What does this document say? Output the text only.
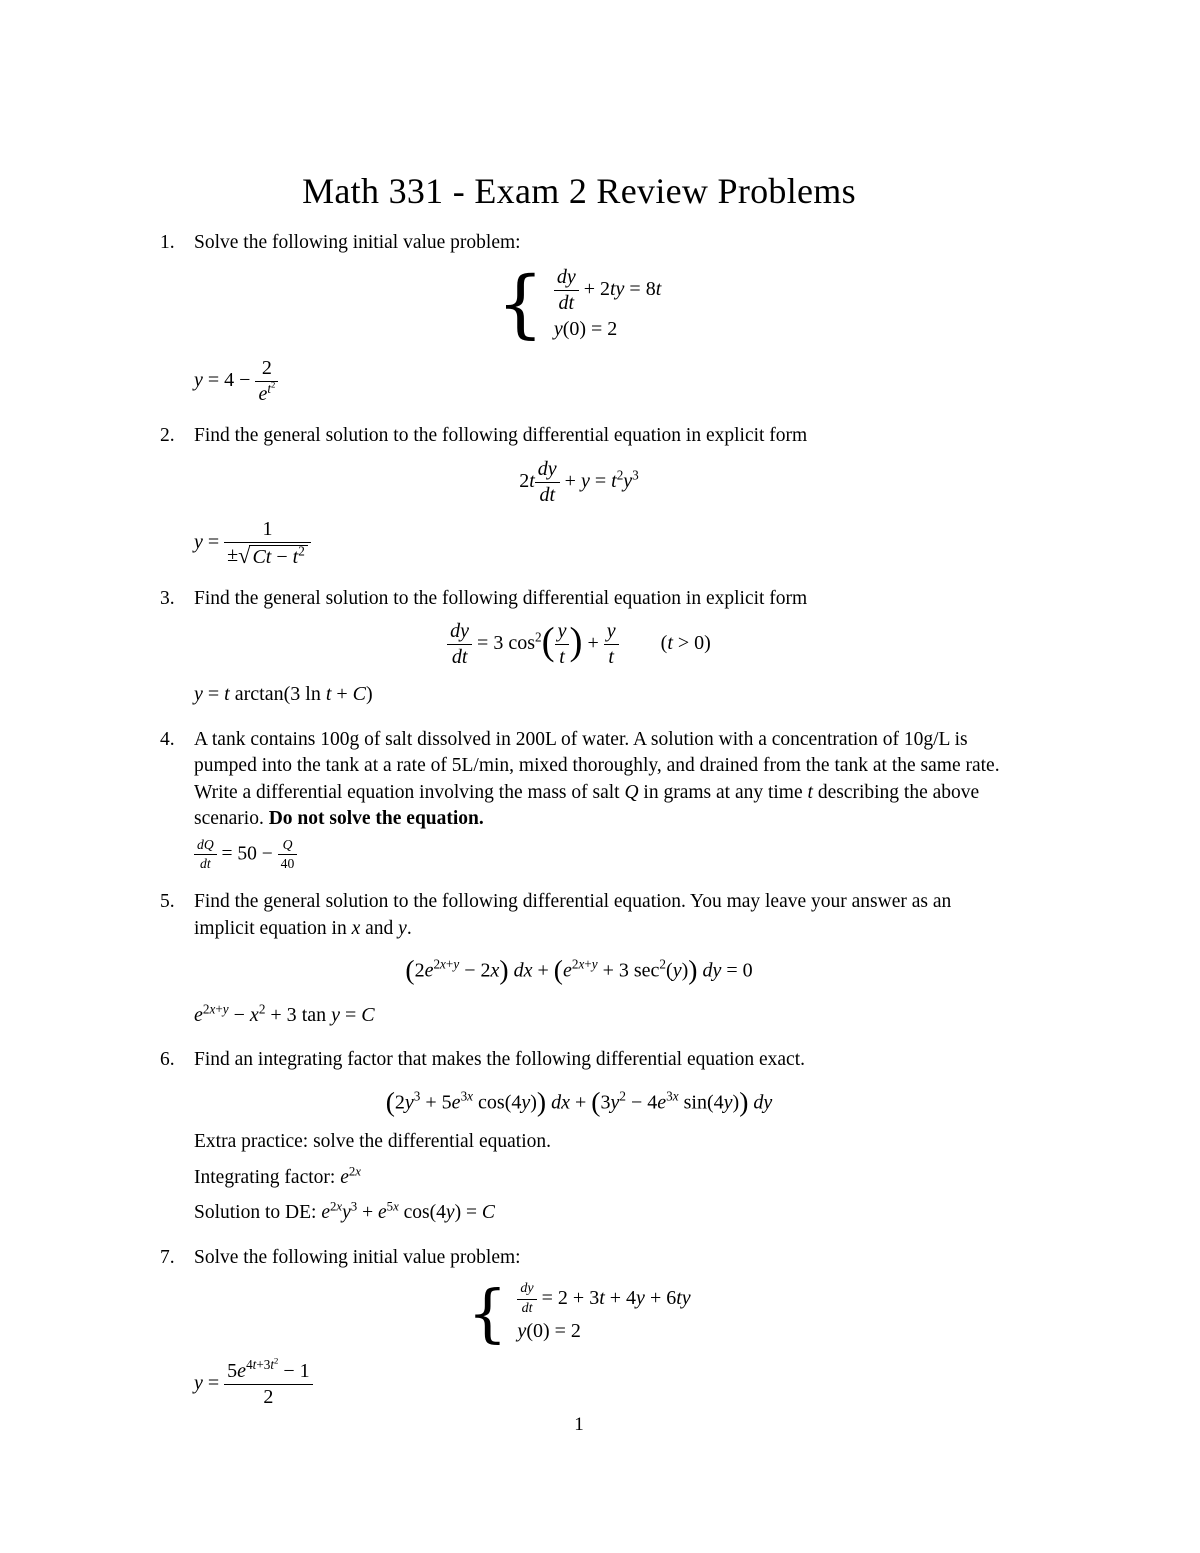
Math 331 - Exam 2 Review Problems
1. Solve the following initial value problem:
{ $\frac{dy}{dt} + 2ty = 8t$
y(0) = 2
$y = 4 - \frac{2}{e^{t^2}}$
2. Find the general solution to the following differential equation in explicit form
$2t \frac{dy}{dt} + y = t^2y^3$
$y = \frac{1}{\pm √ Ct - t^2}$
3. Find the general solution to the following differential equation in explicit form
$\frac{dy}{dt} = 3$ $\cos^2( \frac{y}{t}$ ) + $\frac{y}{t} (t > 0)$
y = t arctan(3 ln t + C)
4. A tank contains 100g of salt dissolved in 200L of water. A solution with a concentration of 10g/L is pumped into the tank at a rate of 5L/min, mixed thoroughly, and drained from the tank at the same rate.
Write a differential equation involving the mass of salt Q in grams at any time t describing the above scenario. Do not solve the equation.
$\frac{dQ}{dt} = 50 - \frac{Q}{40}$
5. Find the general solution to the following differential equation. You may leave your answer as an implicit equation in x and y.
$(2e^{2x+y} - 2x)$ dx + ($e^{2x+y} + 3$ $\sec^2(y)$) dy = 0
$e^{2x+y} - x^2 + 3$ tan y = C
6. Find an integrating factor that makes the following differential equation exact.
($2y^3 + 5e^{3x}$ cos(4y)) dx + ($3y^2 - 4e^{3x}$ sin(4y)) dy
Extra practice: solve the differential equation.
Integrating factor: $e^{2x}$
Solution to DE: $e^{2x}y^3 + e^{5x}$ cos(4y) = C
7. Solve the following initial value problem:
{ $\frac{dy}{dt} = 2 + 3t + 4y + 6ty$
y(0) = 2
$y = \frac{5e^{4t+3t^2} - 1}{2}$
1
